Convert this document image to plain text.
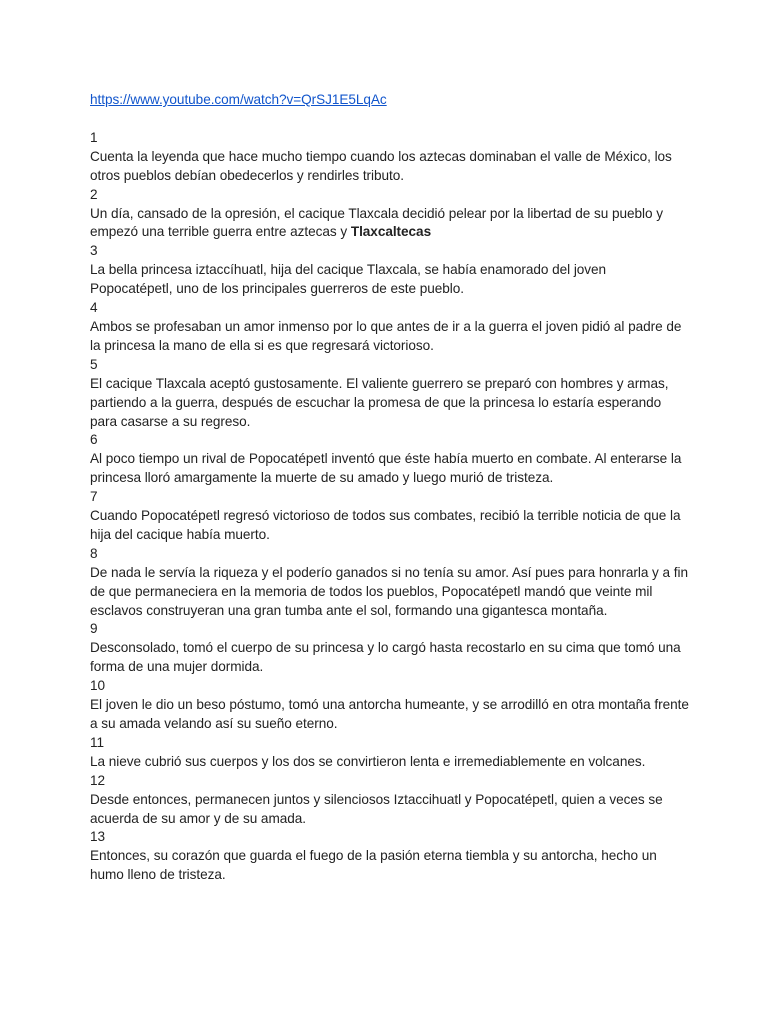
https://www.youtube.com/watch?v=QrSJ1E5LqAc
1
Cuenta la leyenda que hace mucho tiempo cuando los aztecas dominaban el valle de México, los otros pueblos debían obedecerlos y rendirles tributo.
2
Un día, cansado de la opresión, el cacique Tlaxcala decidió pelear por la libertad de su pueblo y empezó una terrible guerra entre aztecas y Tlaxcaltecas
3
La bella princesa iztaccíhuatl, hija del cacique Tlaxcala, se había enamorado del joven Popocatépetl, uno de los principales guerreros de este pueblo.
4
Ambos se profesaban un amor inmenso por lo que antes de ir a la guerra el joven pidió al padre de la princesa la mano de ella si es que regresará victorioso.
5
El cacique Tlaxcala aceptó gustosamente. El valiente guerrero se preparó con hombres y armas, partiendo a la guerra, después de escuchar la promesa de que la princesa lo estaría esperando para casarse a su regreso.
6
Al poco tiempo un rival de Popocatépetl inventó que éste había muerto en combate. Al enterarse la princesa lloró amargamente la muerte de su amado y luego murió de tristeza.
7
Cuando Popocatépetl regresó victorioso de todos sus combates, recibió la terrible noticia de que la hija del cacique había muerto.
8
De nada le servía la riqueza y el poderío ganados si no tenía su amor. Así pues para honrarla y a fin de que permaneciera en la memoria de todos los pueblos, Popocatépetl mandó que veinte mil esclavos construyeran una gran tumba ante el sol, formando una gigantesca montaña.
9
Desconsolado, tomó el cuerpo de su princesa y lo cargó hasta recostarlo en su cima que tomó una forma de una mujer dormida.
10
El joven le dio un beso póstumo, tomó una antorcha humeante, y se arrodilló en otra montaña frente a su amada velando así su sueño eterno.
11
La nieve cubrió sus cuerpos y los dos se convirtieron lenta e irremediablemente en volcanes.
12
Desde entonces, permanecen juntos y silenciosos Iztaccihuatl y Popocatépetl, quien a veces se acuerda de su amor y de su amada.
13
Entonces, su corazón que guarda el fuego de la pasión eterna tiembla y su antorcha, hecho un humo lleno de tristeza.
